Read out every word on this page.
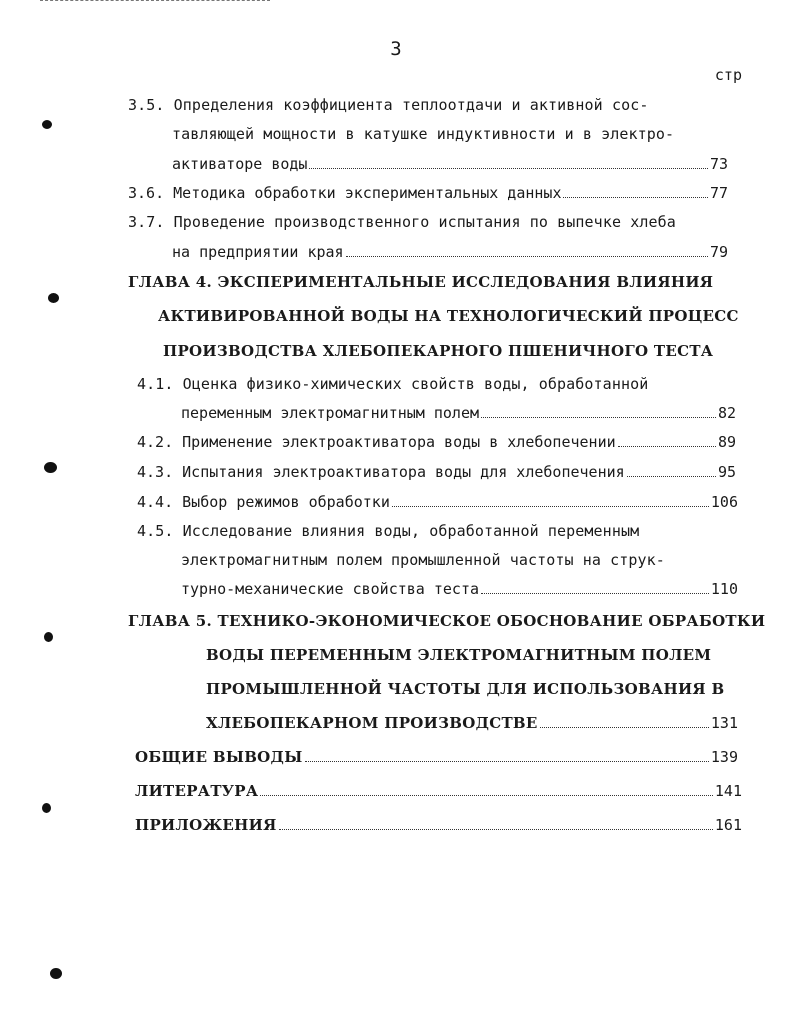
3
стр
3.5. Определения коэффициента теплоотдачи и активной сос-
тавляющей мощности в катушке индуктивности и в электро-
активаторе воды	73
3.6. Методика обработки экспериментальных данных	77
3.7. Проведение производственного испытания по выпечке хлеба
на предприятии края	79
ГЛАВА 4. ЭКСПЕРИМЕНТАЛЬНЫЕ ИССЛЕДОВАНИЯ ВЛИЯНИЯ
АКТИВИРОВАННОЙ ВОДЫ НА ТЕХНОЛОГИЧЕСКИЙ ПРОЦЕСС
ПРОИЗВОДСТВА ХЛЕБОПЕКАРНОГО ПШЕНИЧНОГО ТЕСТА
4.1. Оценка физико-химических свойств воды, обработанной
переменным электромагнитным полем	82
4.2. Применение электроактиватора воды в хлебопечении	89
4.3. Испытания электроактиватора воды для хлебопечения	95
4.4. Выбор режимов обработки	106
4.5. Исследование влияния воды, обработанной переменным
электромагнитным полем промышленной частоты на струк-
турно-механические свойства теста	110
ГЛАВА 5. ТЕХНИКО-ЭКОНОМИЧЕСКОЕ ОБОСНОВАНИЕ ОБРАБОТКИ
ВОДЫ ПЕРЕМЕННЫМ ЭЛЕКТРОМАГНИТНЫМ ПОЛЕМ
ПРОМЫШЛЕННОЙ ЧАСТОТЫ ДЛЯ ИСПОЛЬЗОВАНИЯ В
ХЛЕБОПЕКАРНОМ ПРОИЗВОДСТВЕ	131
ОБЩИЕ ВЫВОДЫ	139
ЛИТЕРАТУРА	141
ПРИЛОЖЕНИЯ	161
